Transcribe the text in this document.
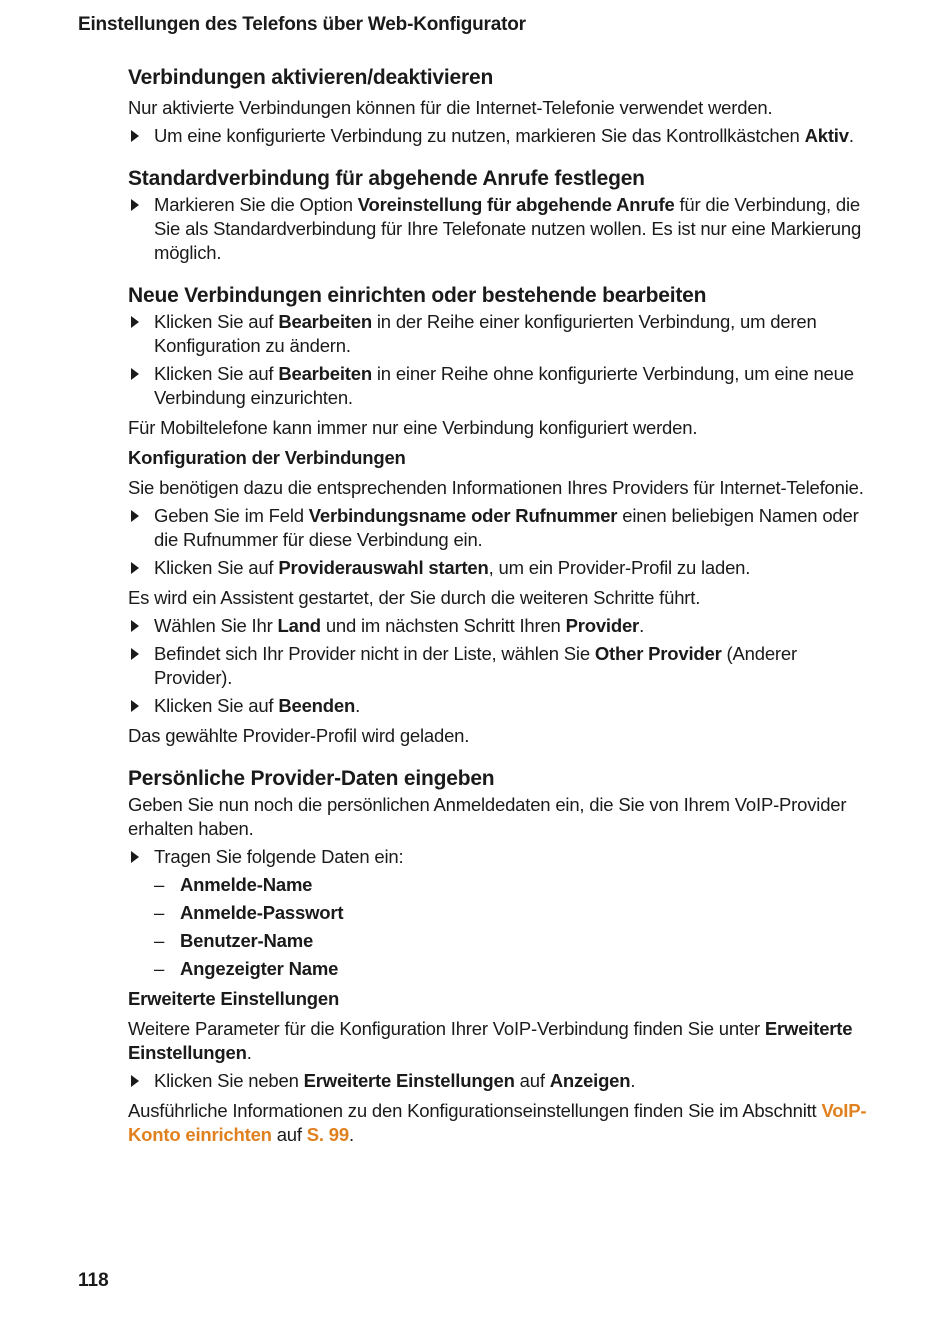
Einstellungen des Telefons über Web-Konfigurator
Verbindungen aktivieren/deaktivieren

Nur aktivierte Verbindungen können für die Internet-Telefonie verwendet werden.

Um eine konfigurierte Verbindung zu nutzen, markieren Sie das Kontrollkästchen Aktiv.
Standardverbindung für abgehende Anrufe festlegen
Markieren Sie die Option Voreinstellung für abgehende Anrufe für die Verbindung, die Sie als Standardverbindung für Ihre Telefonate nutzen wollen. Es ist nur eine Markierung möglich.
Neue Verbindungen einrichten oder bestehende bearbeiten
Klicken Sie auf Bearbeiten in der Reihe einer konfigurierten Verbindung, um deren Konfiguration zu ändern.
Klicken Sie auf Bearbeiten in einer Reihe ohne konfigurierte Verbindung, um eine neue Verbindung einzurichten.

Für Mobiltelefone kann immer nur eine Verbindung konfiguriert werden.

Konfiguration der Verbindungen

Sie benötigen dazu die entsprechenden Informationen Ihres Providers für Internet-Telefonie.

Geben Sie im Feld Verbindungsname oder Rufnummer einen beliebigen Namen oder die Rufnummer für diese Verbindung ein.
Klicken Sie auf Providerauswahl starten, um ein Provider-Profil zu laden.

Es wird ein Assistent gestartet, der Sie durch die weiteren Schritte führt.

Wählen Sie Ihr Land und im nächsten Schritt Ihren Provider.
Befindet sich Ihr Provider nicht in der Liste, wählen Sie Other Provider (Anderer Provider).
Klicken Sie auf Beenden.

Das gewählte Provider-Profil wird geladen.

Persönliche Provider-Daten eingeben

Geben Sie nun noch die persönlichen Anmeldedaten ein, die Sie von Ihrem VoIP-Provider erhalten haben.

Tragen Sie folgende Daten ein:
– Anmelde-Name
– Anmelde-Passwort
– Benutzer-Name
– Angezeigter Name
Erweiterte Einstellungen

Weitere Parameter für die Konfiguration Ihrer VoIP-Verbindung finden Sie unter Erweiterte Einstellungen.

Klicken Sie neben Erweiterte Einstellungen auf Anzeigen.

Ausführliche Informationen zu den Konfigurationseinstellungen finden Sie im Abschnitt VoIP-Konto einrichten auf S. 99.

118
